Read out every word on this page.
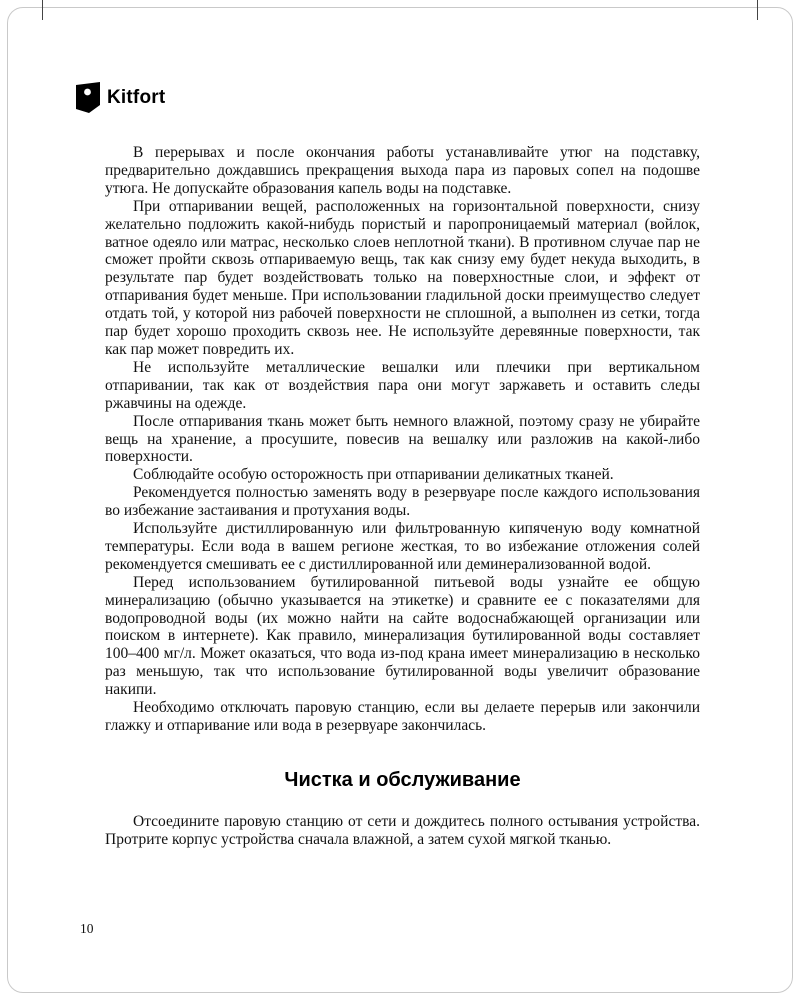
Kitfort

В перерывах и после окончания работы устанавливайте утюг на подставку, предварительно дождавшись прекращения выхода пара из паровых сопел на подошве утюга. Не допускайте образования капель воды на подставке.

При отпаривании вещей, расположенных на горизонтальной поверхности, снизу желательно подложить какой-нибудь пористый и паропроницаемый материал (войлок, ватное одеяло или матрас, несколько слоев неплотной ткани). В противном случае пар не сможет пройти сквозь отпариваемую вещь, так как снизу ему будет некуда выходить, в результате пар будет воздействовать только на поверхностные слои, и эффект от отпаривания будет меньше. При использовании гладильной доски преимущество следует отдать той, у которой низ рабочей поверхности не сплошной, а выполнен из сетки, тогда пар будет хорошо проходить сквозь нее. Не используйте деревянные поверхности, так как пар может повредить их.

Не используйте металлические вешалки или плечики при вертикальном отпаривании, так как от воздействия пара они могут заржаветь и оставить следы ржавчины на одежде.

После отпаривания ткань может быть немного влажной, поэтому сразу не убирайте вещь на хранение, а просушите, повесив на вешалку или разложив на какой-либо поверхности.

Соблюдайте особую осторожность при отпаривании деликатных тканей.

Рекомендуется полностью заменять воду в резервуаре после каждого использования во избежание застаивания и протухания воды.

Используйте дистиллированную или фильтрованную кипяченую воду комнатной температуры. Если вода в вашем регионе жесткая, то во избежание отложения солей рекомендуется смешивать ее с дистиллированной или деминерализованной водой.

Перед использованием бутилированной питьевой воды узнайте ее общую минерализацию (обычно указывается на этикетке) и сравните ее с показателями для водопроводной воды (их можно найти на сайте водоснабжающей организации или поиском в интернете). Как правило, минерализация бутилированной воды составляет 100–400 мг/л. Может оказаться, что вода из-под крана имеет минерализацию в несколько раз меньшую, так что использование бутилированной воды увеличит образование накипи.

Необходимо отключать паровую станцию, если вы делаете перерыв или закончили глажку и отпаривание или вода в резервуаре закончилась.

Чистка и обслуживание

Отсоедините паровую станцию от сети и дождитесь полного остывания устройства. Протрите корпус устройства сначала влажной, а затем сухой мягкой тканью.

10
